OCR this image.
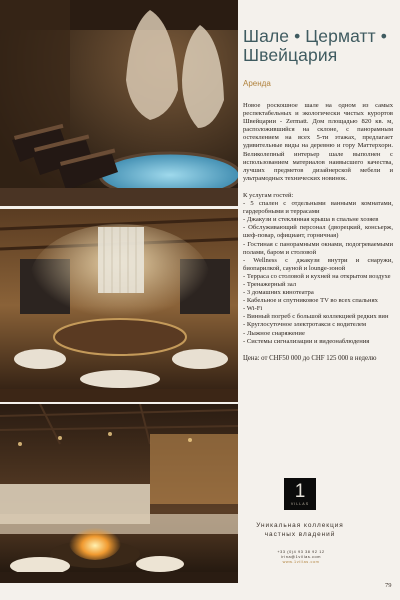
Шале • Церматт •
Швейцария
Аренда
Новое роскошное шале на одном из самых респектабельных и экологически чистых курортов Швейцарии - Zermatt. Дом площадью 820 кв. м, расположившийся на склоне, с панорамным остеклением на всех 5-ти этажах, предлагает удивительные виды на деревню и гору Маттерхорн. Великолепный интерьер шале выполнен с использованием материалов наивысшего качества, лучших предметов дизайнерской мебели и ультрамодных технических новинок.
К услугам гостей:
- 5 спален с отдельными ванными комнатами, гардеробными и террасами
- Джакузи и стеклянная крыша в спальне хозяев
- Обслуживающий персонал (дворецкий, консьерж, шеф-повар, официант, горничная)
- Гостиная с панорамными окнами, подогреваемыми полами, баром и столовой
- Wellness с джакузи внутри и снаружи, биопарилкой, сауной и lounge-зоной
- Терраса со столовой и кухней на открытом воздухе
- Тренажерный зал
- 3 домашних кинотеатра
- Кабельное и спутниковое TV во всех спальнях
- Wi-Fi
- Винный погреб с большой коллекцией редких вин
- Круглосуточное электротакси с водителем
- Лыжное снаряжение
- Системы сигнализации и видеонаблюдения
Цена: от CHF50 000 до CHF 125 000 в неделю
1
VILLAS
Уникальная коллекция
частных владений
+33 (0)4 93 38 92 12
irina@1villas.com
www.1villas.com
79
